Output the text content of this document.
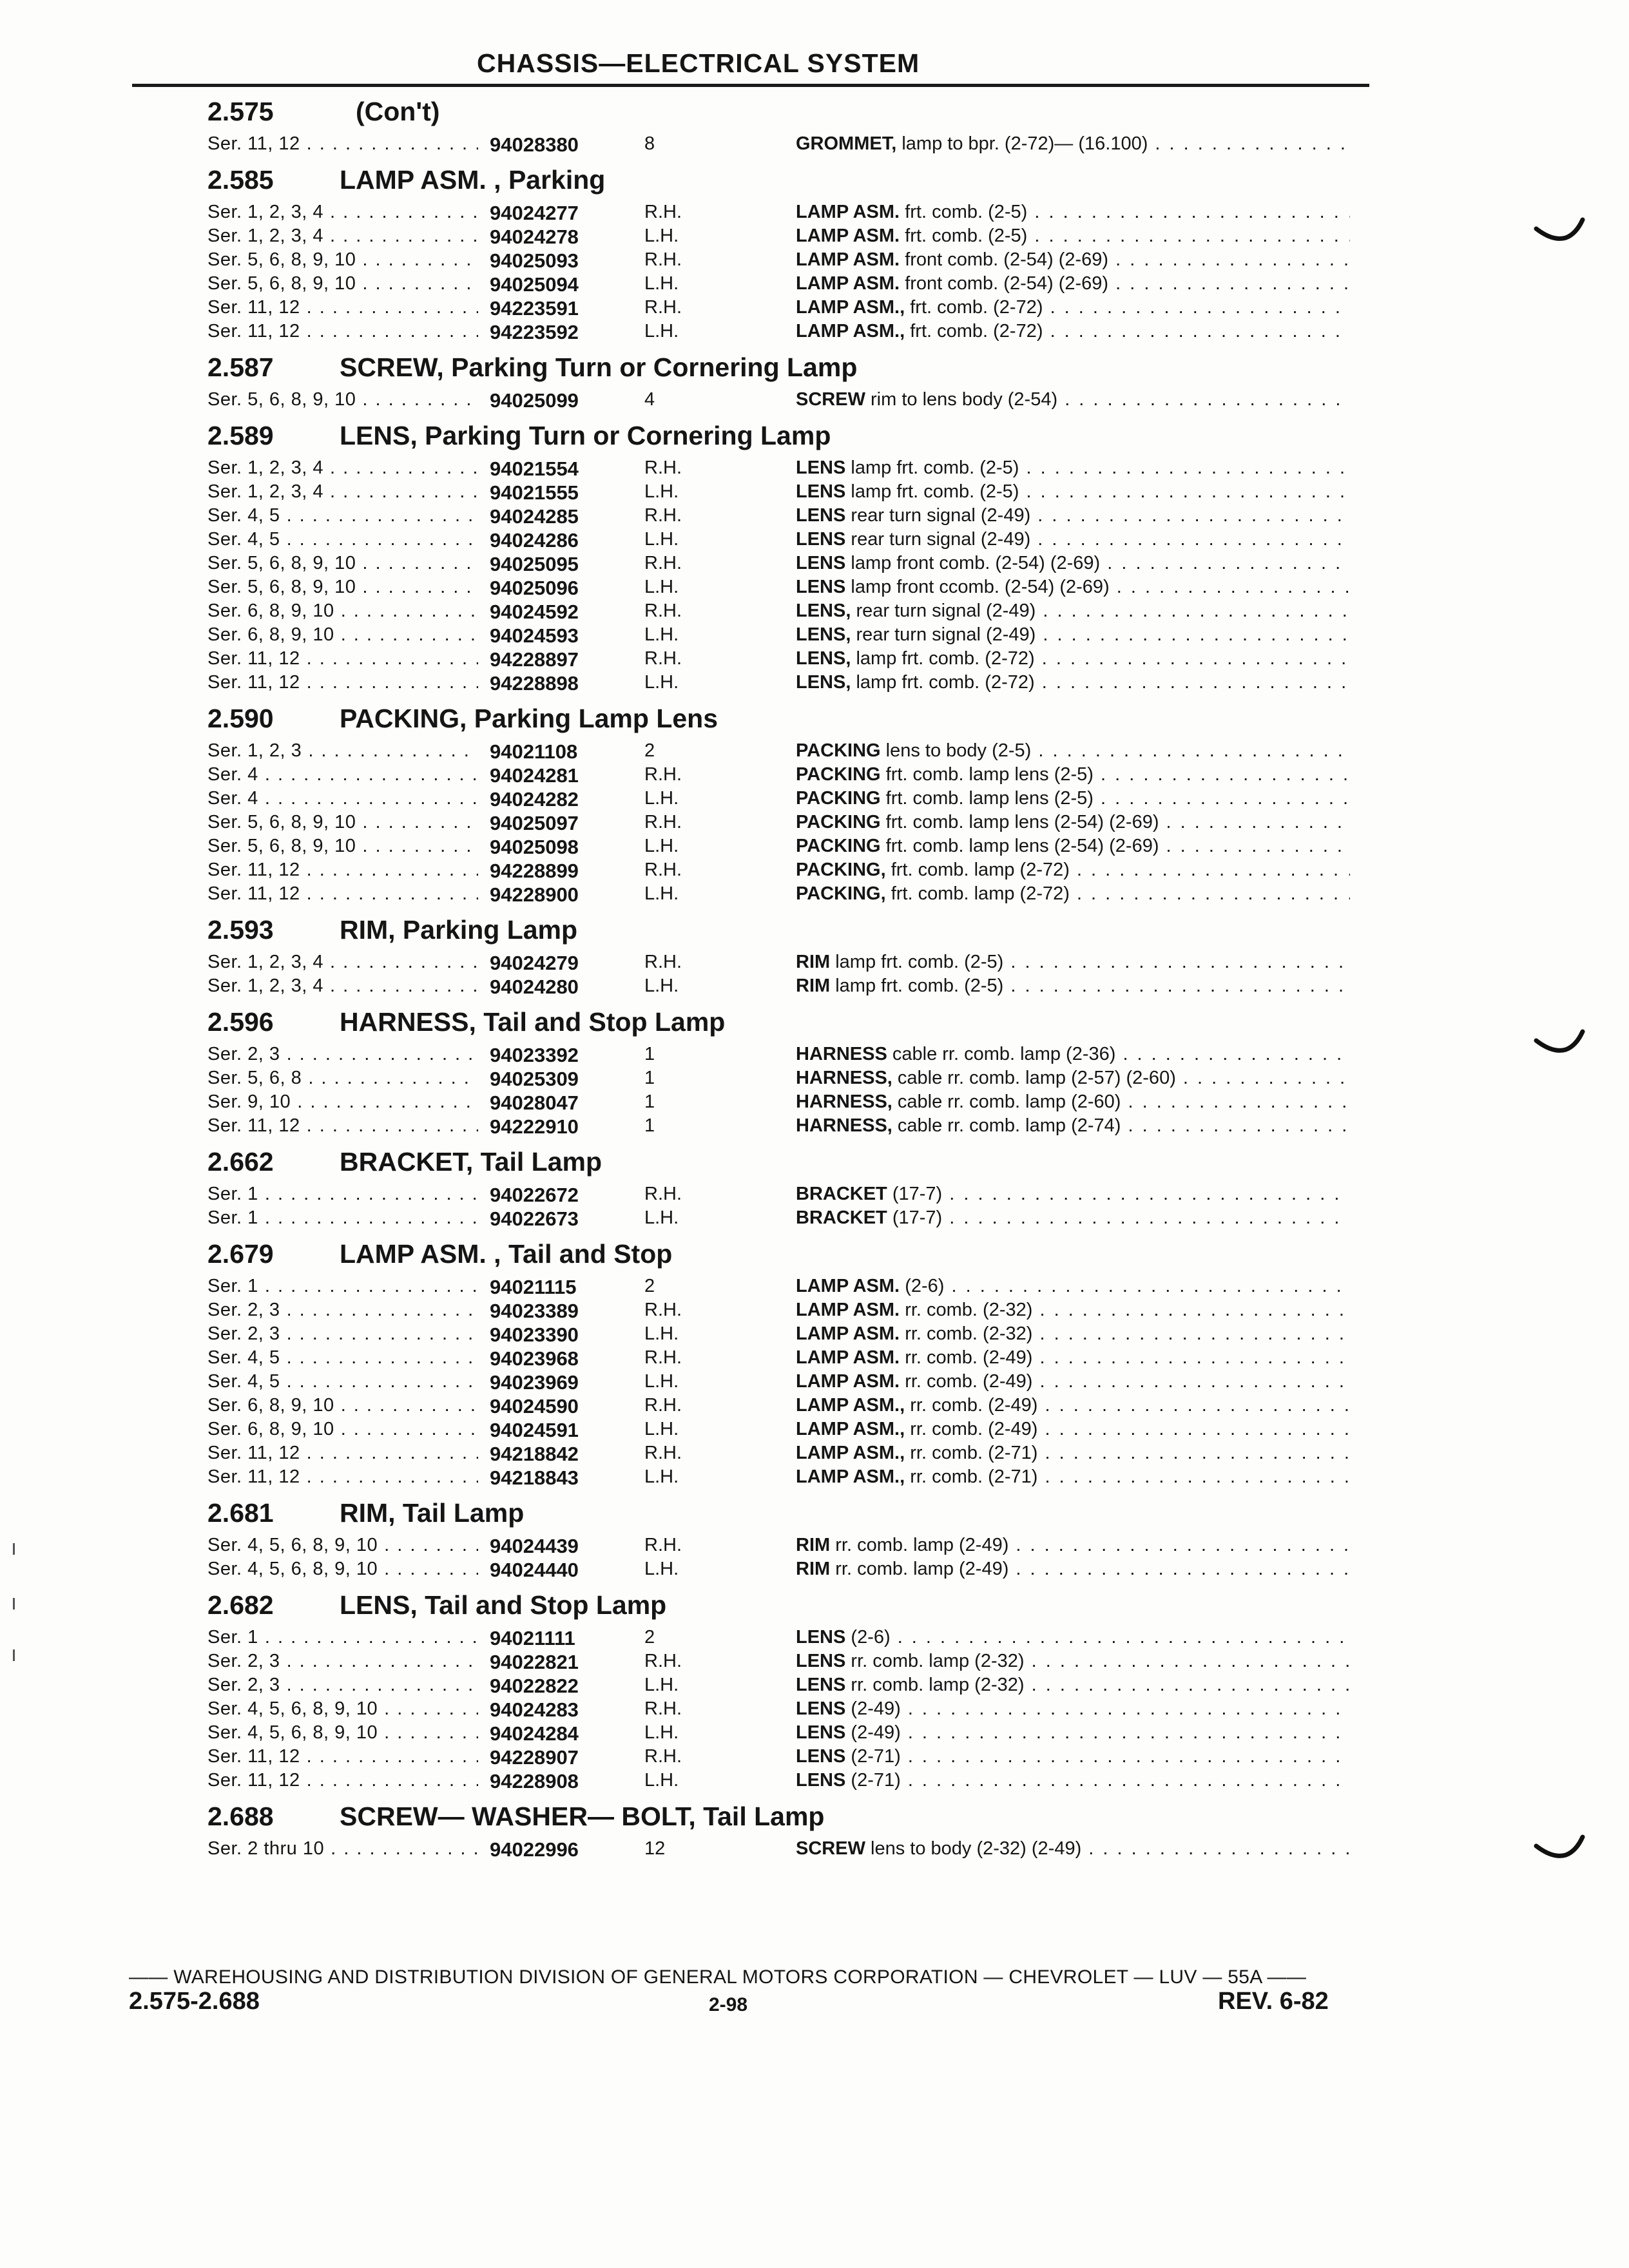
CHASSIS—ELECTRICAL SYSTEM
2.575	(Con't)
Ser. 11, 12 . . .	94028380	8	GROMMET, lamp to bpr. (2-72)— (16.100) . . .
2.585 LAMP ASM. , Parking
Ser. 1, 2, 3, 4 . . .	94024277	R.H.	LAMP ASM. frt. comb. (2-5) . . .
Ser. 1, 2, 3, 4 . . .	94024278	L.H.	LAMP ASM. frt. comb. (2-5) . . .
Ser. 5, 6, 8, 9, 10 . . .	94025093	R.H.	LAMP ASM. front comb. (2-54) (2-69) . . .
Ser. 5, 6, 8, 9, 10 . . .	94025094	L.H.	LAMP ASM. front comb. (2-54) (2-69) . . .
Ser. 11, 12 . . .	94223591	R.H.	LAMP ASM., frt. comb. (2-72) . . .
Ser. 11, 12 . . .	94223592	L.H.	LAMP ASM., frt. comb. (2-72) . . .
2.587 SCREW, Parking Turn or Cornering Lamp
Ser. 5, 6, 8, 9, 10 . . .	94025099	4	SCREW rim to lens body (2-54) . . .
2.589 LENS, Parking Turn or Cornering Lamp
Ser. 1, 2, 3, 4 . . .	94021554	R.H.	LENS lamp frt. comb. (2-5) . . .
Ser. 1, 2, 3, 4 . . .	94021555	L.H.	LENS lamp frt. comb. (2-5) . . .
Ser. 4, 5 . . .	94024285	R.H.	LENS rear turn signal (2-49) . . .
Ser. 4, 5 . . .	94024286	L.H.	LENS rear turn signal (2-49) . . .
Ser. 5, 6, 8, 9, 10 . . .	94025095	R.H.	LENS lamp front comb. (2-54) (2-69) . . .
Ser. 5, 6, 8, 9, 10 . . .	94025096	L.H.	LENS lamp front ccomb. (2-54) (2-69) . . .
Ser. 6, 8, 9, 10 . . .	94024592	R.H.	LENS, rear turn signal (2-49) . . .
Ser. 6, 8, 9, 10 . . .	94024593	L.H.	LENS, rear turn signal (2-49) . . .
Ser. 11, 12 . . .	94228897	R.H.	LENS, lamp frt. comb. (2-72) . . .
Ser. 11, 12 . . .	94228898	L.H.	LENS, lamp frt. comb. (2-72) . . .
2.590 PACKING, Parking Lamp Lens
Ser. 1, 2, 3 . . .	94021108	2	PACKING lens to body (2-5) . . .
Ser. 4 . . .	94024281	R.H.	PACKING frt. comb. lamp lens (2-5) . . .
Ser. 4 . . .	94024282	L.H.	PACKING frt. comb. lamp lens (2-5) . . .
Ser. 5, 6, 8, 9, 10 . . .	94025097	R.H.	PACKING frt. comb. lamp lens (2-54) (2-69) . . .
Ser. 5, 6, 8, 9, 10 . . .	94025098	L.H.	PACKING frt. comb. lamp lens (2-54) (2-69) . . .
Ser. 11, 12 . . .	94228899	R.H.	PACKING, frt. comb. lamp (2-72) . . .
Ser. 11, 12 . . .	94228900	L.H.	PACKING, frt. comb. lamp (2-72) . . .
2.593 RIM, Parking Lamp
Ser. 1, 2, 3, 4 . . .	94024279	R.H.	RIM lamp frt. comb. (2-5) . . .
Ser. 1, 2, 3, 4 . . .	94024280	L.H.	RIM lamp frt. comb. (2-5) . . .
2.596 HARNESS, Tail and Stop Lamp
Ser. 2, 3 . . .	94023392	1	HARNESS cable rr. comb. lamp (2-36) . . .
Ser. 5, 6, 8 . . .	94025309	1	HARNESS, cable rr. comb. lamp (2-57) (2-60) . . .
Ser. 9, 10 . . .	94028047	1	HARNESS, cable rr. comb. lamp (2-60) . . .
Ser. 11, 12 . . .	94222910	1	HARNESS, cable rr. comb. lamp (2-74) . . .
2.662 BRACKET, Tail Lamp
Ser. 1 . . .	94022672	R.H.	BRACKET (17-7) . . .
Ser. 1 . . .	94022673	L.H.	BRACKET (17-7) . . .
2.679 LAMP ASM. , Tail and Stop
Ser. 1 . . .	94021115	2	LAMP ASM. (2-6) . . .
Ser. 2, 3 . . .	94023389	R.H.	LAMP ASM. rr. comb. (2-32) . . .
Ser. 2, 3 . . .	94023390	L.H.	LAMP ASM. rr. comb. (2-32) . . .
Ser. 4, 5 . . .	94023968	R.H.	LAMP ASM. rr. comb. (2-49) . . .
Ser. 4, 5 . . .	94023969	L.H.	LAMP ASM. rr. comb. (2-49) . . .
Ser. 6, 8, 9, 10 . . .	94024590	R.H.	LAMP ASM., rr. comb. (2-49) . . .
Ser. 6, 8, 9, 10 . . .	94024591	L.H.	LAMP ASM., rr. comb. (2-49) . . .
Ser. 11, 12 . . .	94218842	R.H.	LAMP ASM., rr. comb. (2-71) . . .
Ser. 11, 12 . . .	94218843	L.H.	LAMP ASM., rr. comb. (2-71) . . .
2.681 RIM, Tail Lamp
Ser. 4, 5, 6, 8, 9, 10 . . .	94024439	R.H.	RIM rr. comb. lamp (2-49) . . .
Ser. 4, 5, 6, 8, 9, 10 . . .	94024440	L.H.	RIM rr. comb. lamp (2-49) . . .
2.682 LENS, Tail and Stop Lamp
Ser. 1 . . .	94021111	2	LENS (2-6) . . .
Ser. 2, 3 . . .	94022821	R.H.	LENS rr. comb. lamp (2-32) . . .
Ser. 2, 3 . . .	94022822	L.H.	LENS rr. comb. lamp (2-32) . . .
Ser. 4, 5, 6, 8, 9, 10 . . .	94024283	R.H.	LENS (2-49) . . .
Ser. 4, 5, 6, 8, 9, 10 . . .	94024284	L.H.	LENS (2-49) . . .
Ser. 11, 12 . . .	94228907	R.H.	LENS (2-71) . . .
Ser. 11, 12 . . .	94228908	L.H.	LENS (2-71) . . .
2.688 SCREW— WASHER— BOLT, Tail Lamp
Ser. 2 thru 10 . . .	94022996	12	SCREW lens to body (2-32) (2-49) . . .
—— WAREHOUSING AND DISTRIBUTION DIVISION OF GENERAL MOTORS CORPORATION — CHEVROLET — LUV — 55A ——
2.575-2.688	2-98	REV. 6-82
